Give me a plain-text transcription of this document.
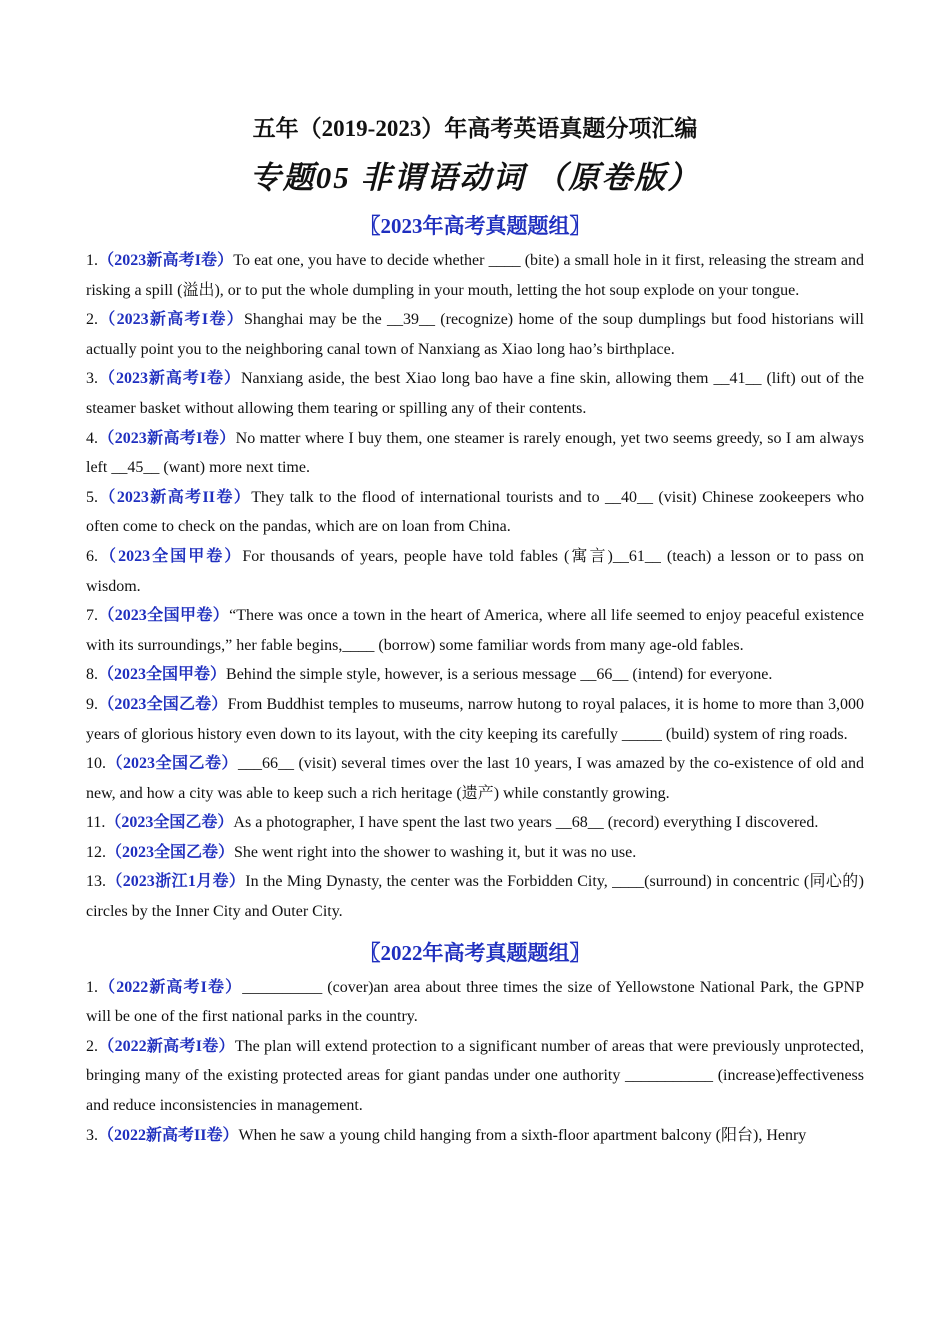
五年（2019-2023）年高考英语真题分项汇编
专题05 非谓语动词 （原卷版）
〖2023年高考真题题组〗

1.（2023新高考I卷）To eat one, you have to decide whether ____ (bite) a small hole in it first, releasing the stream and risking a spill (溢出), or to put the whole dumpling in your mouth, letting the hot soup explode on your tongue.

2.（2023新高考I卷）Shanghai may be the __39__ (recognize) home of the soup dumplings but food historians will actually point you to the neighboring canal town of Nanxiang as Xiao long hao’s birthplace.

3.（2023新高考I卷）Nanxiang aside, the best Xiao long bao have a fine skin, allowing them __41__ (lift) out of the steamer basket without allowing them tearing or spilling any of their contents.

4.（2023新高考I卷）No matter where I buy them, one steamer is rarely enough, yet two seems greedy, so I am always left __45__ (want) more next time.

5.（2023新高考II卷）They talk to the flood of international tourists and to __40__ (visit) Chinese zookeepers who often come to check on the pandas, which are on loan from China.

6.（2023全国甲卷）For thousands of years, people have told fables (寓言)__61__ (teach) a lesson or to pass on wisdom.

7.（2023全国甲卷）“There was once a town in the heart of America, where all life seemed to enjoy peaceful existence with its surroundings,” her fable begins,____ (borrow) some familiar words from many age-old fables.

8.（2023全国甲卷）Behind the simple style, however, is a serious message __66__ (intend) for everyone.

9.（2023全国乙卷）From Buddhist temples to museums, narrow hutong to royal palaces, it is home to more than 3,000 years of glorious history even down to its layout, with the city keeping its carefully _____ (build) system of ring roads.

10.（2023全国乙卷）___66__ (visit) several times over the last 10 years, I was amazed by the co-existence of old and new, and how a city was able to keep such a rich heritage (遗产) while constantly growing.

11.（2023全国乙卷）As a photographer, I have spent the last two years __68__ (record) everything I discovered.

12.（2023全国乙卷）She went right into the shower to washing it, but it was no use.

13.（2023浙江1月卷）In the Ming Dynasty, the center was the Forbidden City, ____(surround) in concentric (同心的) circles by the Inner City and Outer City.

〖2022年高考真题题组〗

1.（2022新高考I卷）__________ (cover)an area about three times the size of Yellowstone National Park, the GPNP will be one of the first national parks in the country.

2.（2022新高考I卷）The plan will extend protection to a significant number of areas that were previously unprotected, bringing many of the existing protected areas for giant pandas under one authority ___________ (increase)effectiveness and reduce inconsistencies in management.

3.（2022新高考II卷）When he saw a young child hanging from a sixth-floor apartment balcony (阳台), Henry
